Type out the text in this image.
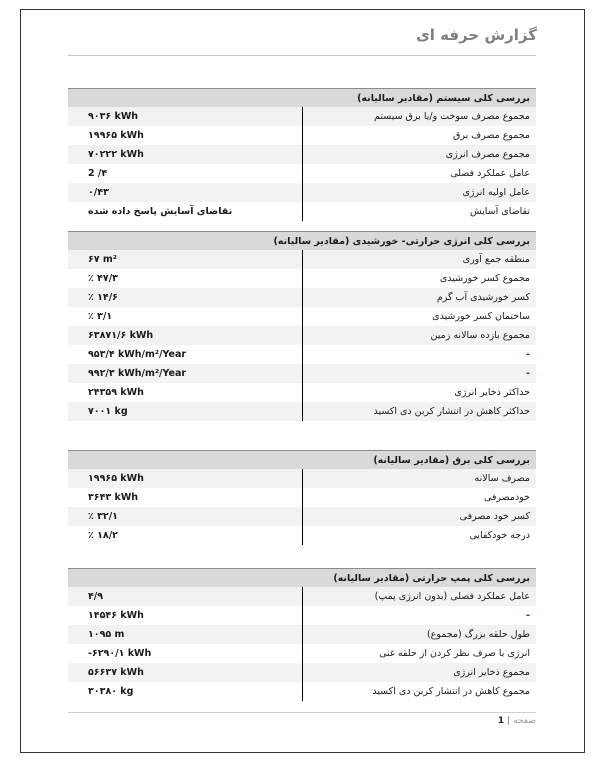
گزارش حرفه ای
بررسی کلی سیستم (مقادیر سالیانه)
مجموع مصرف سوخت و/یا برق سیستم
۹۰۳۶ kWh
مجموع مصرف برق
۱۹۹۶۵ kWh
مجموع مصرف انرژی
۷۰۲۲۲ kWh
عامل عملکرد فصلی
2 /۴
عامل اولیه انرژی
۰/۴۳
تقاضای آسایش
تقاضای آسایش پاسخ داده شده
بررسی کلی انرژی حرارتی- خورشیدی (مقادیر سالیانه)
منطقه جمع آوری
۶۷ m²
مجموع کسر خورشیدی
٪ ۴۷/۳
کسر خورشیدی آب گرم
٪ ۱۴/۶
ساختمان کسر خورشیدی
٪ ۳/۱
مجموع بازده سالانه زمین
۶۳۸۷۱/۶ kWh
-
۹۵۳/۴ kWh/m²/Year
-
۹۹۲/۳ kWh/m²/Year
حداکثر ذخایر انرژی
۲۴۳۵۹ kWh
حداکثر کاهش در انتشار کربن دی اکسید
۷۰۰۱ kg
بررسی کلی برق (مقادیر سالیانه)
مصرف سالانه
۱۹۹۶۵ kWh
خودمصرفی
۳۶۴۳ kWh
کسر خود مصرفی
٪ ۳۲/۱
درجه خودکفایی
٪ ۱۸/۲
بررسی کلی پمپ حرارتی (مقادیر سالیانه)
عامل عملکرد فصلی (بدون انرژی پمپ)
۴/۹
-
۱۴۵۴۶ kWh
طول حلقه بزرگ (مجموع)
۱۰۹۵ m
انرژی با صرف نظر کردن از حلقه غنی
-۶۲۹۰/۱ kWh
مجموع ذخایر انرژی
۵۶۶۳۷ kWh
مجموع کاهش در انتشار کربن دی اکسید
۳۰۳۸۰ kg
صفحه|1
